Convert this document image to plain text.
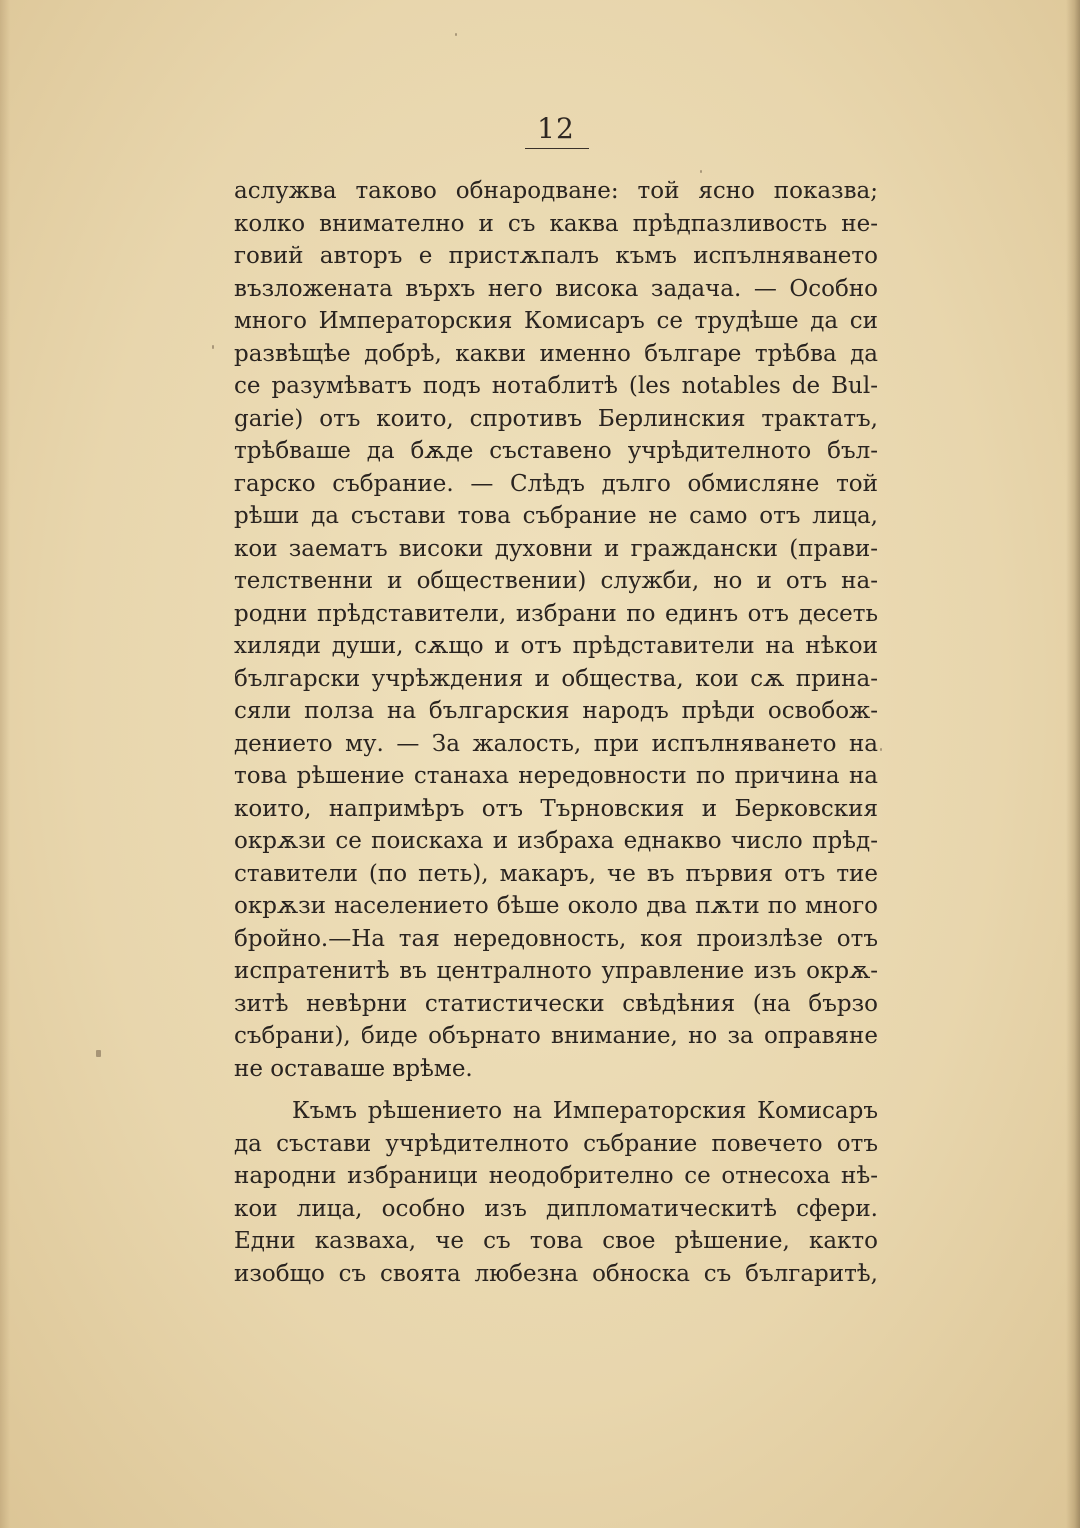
12
аслужва таково обнародване: той ясно показва;
колко внимателно и съ каква прѣдпазливость не-
говий авторъ е пристѫпалъ къмъ испълняването
възложената върхъ него висока задача. — Особно
много Императорския Комисаръ се трудѣше да си
развѣщѣе добрѣ, какви именно българе трѣбва да
се разумѣватъ подъ нотаблитѣ (les notables de Bul-
garie) отъ които, спротивъ Берлинския трактатъ,
трѣбваше да бѫде съставено учрѣдителното бъл-
гарско събрание. — Слѣдъ дълго обмисляне той
рѣши да състави това събрание не само отъ лица,
кои заематъ високи духовни и граждански (прави-
телственни и обществении) служби, но и отъ на-
родни прѣдставители, избрани по единъ отъ десеть
хиляди души, сѫщо и отъ прѣдставители на нѣкои
български учрѣждения и общества, кои сѫ прина-
сяли полза на българския народъ прѣди освобож-
дението му. — За жалость, при испълняването на
това рѣшение станаха нередовности по причина на
които, напримѣръ отъ Търновския и Берковския
окрѫзи се поискаха и избраха еднакво число прѣд-
ставители (по петь), макаръ, че въ първия отъ тие
окрѫзи населението бѣше около два пѫти по много
бройно.—На тая нередовность, коя произлѣзе отъ
испратенитѣ въ централното управление изъ окрѫ-
зитѣ невѣрни статистически свѣдѣния (на бързо
събрани), биде обърнато внимание, но за оправяне
не оставаше врѣме.
Къмъ рѣшението на Императорския Комисаръ
да състави учрѣдителното събрание повечето отъ
народни избраници неодобрително се отнесоха нѣ-
кои лица, особно изъ дипломатическитѣ сфери.
Едни казваха, че съ това свое рѣшение, както
изобщо съ своята любезна обноска съ българитѣ,
